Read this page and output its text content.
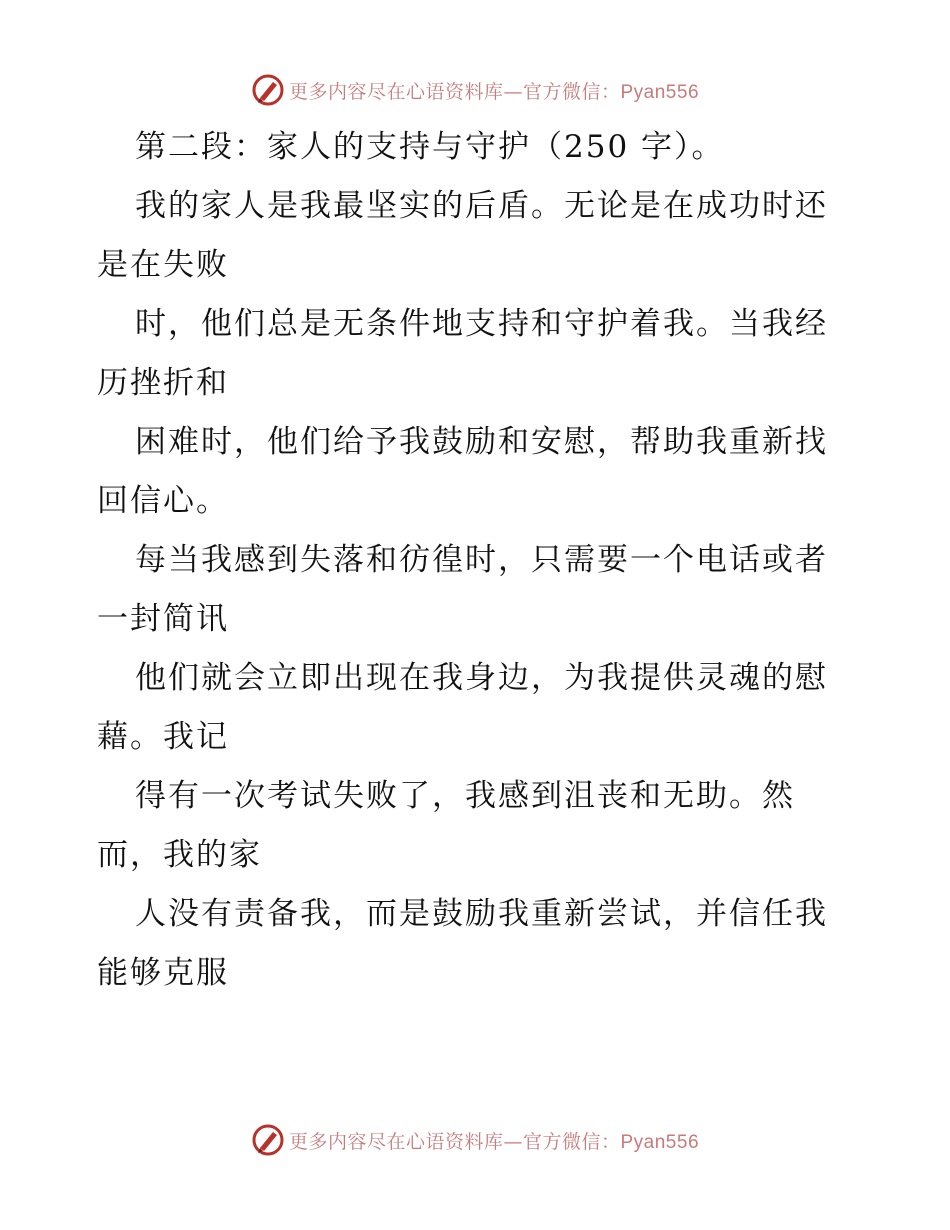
更多内容尽在心语资料库—官方微信：Pyan556
第二段：家人的支持与守护（250 字）。
我的家人是我最坚实的后盾。无论是在成功时还
是在失败
时，他们总是无条件地支持和守护着我。当我经
历挫折和
困难时，他们给予我鼓励和安慰，帮助我重新找
回信心。
每当我感到失落和彷徨时，只需要一个电话或者
一封简讯
他们就会立即出现在我身边，为我提供灵魂的慰
藉。我记
得有一次考试失败了，我感到沮丧和无助。然
而，我的家
人没有责备我，而是鼓励我重新尝试，并信任我
能够克服
更多内容尽在心语资料库—官方微信：Pyan556
